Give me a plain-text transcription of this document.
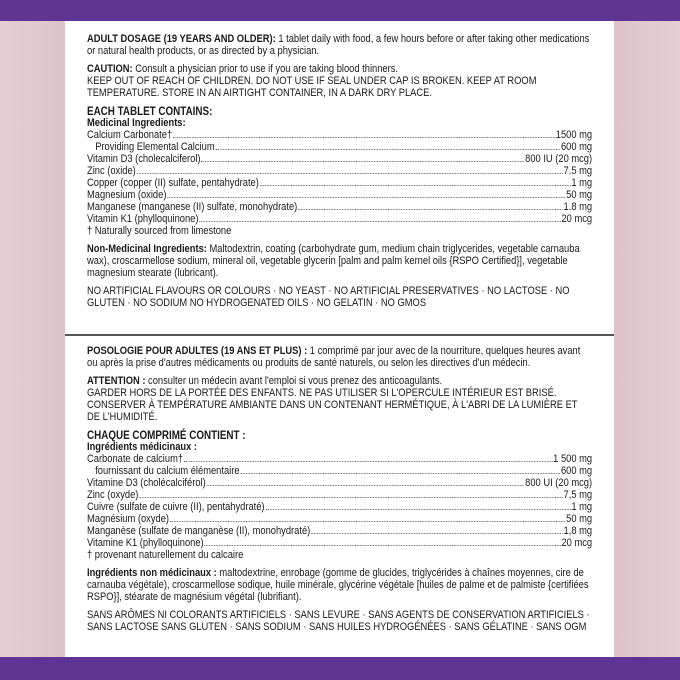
ADULT DOSAGE (19 YEARS AND OLDER): 1 tablet daily with food, a few hours before or after taking other medications or natural health products, or as directed by a physician.

CAUTION: Consult a physician prior to use if you are taking blood thinners.

KEEP OUT OF REACH OF CHILDREN. DO NOT USE IF SEAL UNDER CAP IS BROKEN. KEEP AT ROOM TEMPERATURE. STORE IN AN AIRTIGHT CONTAINER, IN A DARK DRY PLACE.

EACH TABLET CONTAINS:
Medicinal Ingredients:
Calcium Carbonate†	1500 mg
Providing Elemental Calcium	600 mg
Vitamin D3 (cholecalciferol)	800 IU (20 mcg)
Zinc (oxide)	7.5 mg
Copper (copper (II) sulfate, pentahydrate)	1 mg
Magnesium (oxide)	50 mg
Manganese (manganese (II) sulfate, monohydrate)	1.8 mg
Vitamin K1 (phylloquinone)	20 mcg

† Naturally sourced from limestone

Non-Medicinal Ingredients: Maltodextrin, coating (carbohydrate gum, medium chain triglycerides, vegetable carnauba wax), croscarmellose sodium, mineral oil, vegetable glycerin [palm and palm kernel oils {RSPO Certified}], vegetable magnesium stearate (lubricant).

NO ARTIFICIAL FLAVOURS OR COLOURS · NO YEAST · NO ARTIFICIAL PRESERVATIVES · NO LACTOSE · NO GLUTEN · NO SODIUM NO HYDROGENATED OILS · NO GELATIN · NO GMOS

POSOLOGIE POUR ADULTES (19 ANS ET PLUS) : 1 comprimé par jour avec de la nourriture, quelques heures avant ou après la prise d'autres médicaments ou produits de santé naturels, ou selon les directives d'un médecin.

ATTENTION : consulter un médecin avant l'emploi si vous prenez des anticoagulants.

GARDER HORS DE LA PORTÉE DES ENFANTS. NE PAS UTILISER SI L'OPERCULE INTÉRIEUR EST BRISÉ. CONSERVER À TEMPÉRATURE AMBIANTE DANS UN CONTENANT HERMÉTIQUE, À L'ABRI DE LA LUMIÈRE ET DE L'HUMIDITÉ.

CHAQUE COMPRIMÉ CONTIENT :
Ingrédients médicinaux :
Carbonate de calcium†	1 500 mg
fournissant du calcium élémentaire	600 mg
Vitamine D3 (cholécalciférol)	800 UI (20 mcg)
Zinc (oxyde)	7,5 mg
Cuivre (sulfate de cuivre (II), pentahydraté)	1 mg
Magnésium (oxyde)	50 mg
Manganèse (sulfate de manganèse (II), monohydraté)	1,8 mg
Vitamine K1 (phylloquinone)	20 mcg

† provenant naturellement du calcaire

Ingrédients non médicinaux : maltodextrine, enrobage (gomme de glucides, triglycérides à chaînes moyennes, cire de carnauba végétale), croscarmellose sodique, huile minérale, glycérine végétale [huiles de palme et de palmiste {certifiées RSPO}], stéarate de magnésium végétal (lubrifiant).

SANS ARÔMES NI COLORANTS ARTIFICIELS · SANS LEVURE · SANS AGENTS DE CONSERVATION ARTIFICIELS · SANS LACTOSE SANS GLUTEN · SANS SODIUM · SANS HUILES HYDROGÉNÉES · SANS GÉLATINE · SANS OGM
